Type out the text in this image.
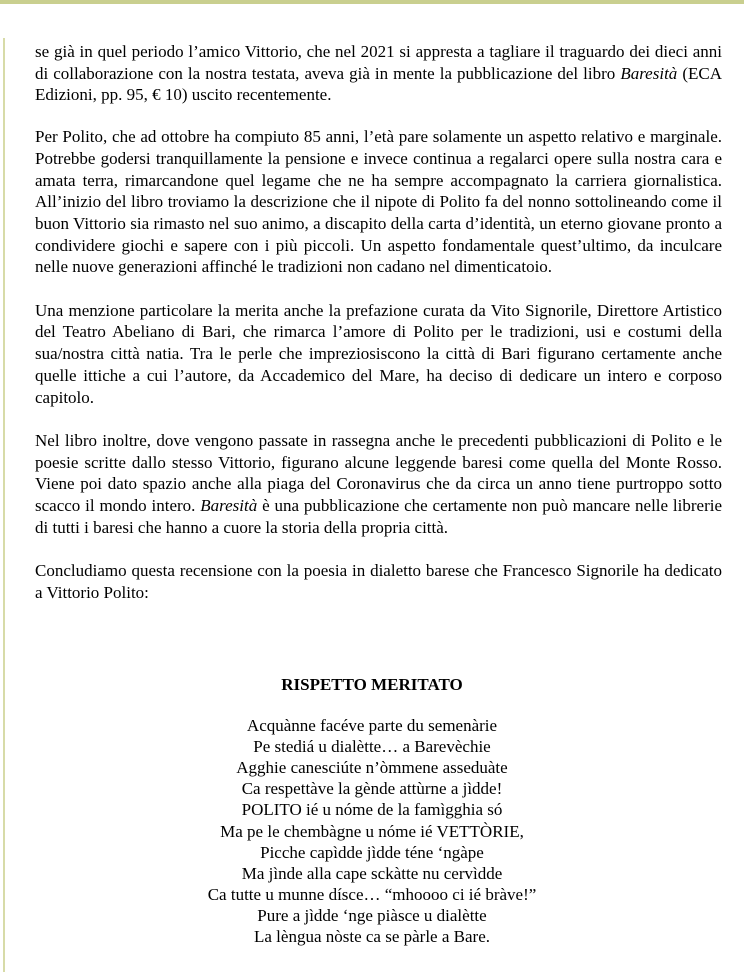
se già in quel periodo l’amico Vittorio, che nel 2021 si appresta a tagliare il traguardo dei dieci anni di collaborazione con la nostra testata, aveva già in mente la pubblicazione del libro Baresità (ECA Edizioni, pp. 95, € 10) uscito recentemente.

Per Polito, che ad ottobre ha compiuto 85 anni, l’età pare solamente un aspetto relativo e marginale. Potrebbe godersi tranquillamente la pensione e invece continua a regalarci opere sulla nostra cara e amata terra, rimarcandone quel legame che ne ha sempre accompagnato la carriera giornalistica. All’inizio del libro troviamo la descrizione che il nipote di Polito fa del nonno sottolineando come il buon Vittorio sia rimasto nel suo animo, a discapito della carta d’identità, un eterno giovane pronto a condividere giochi e sapere con i più piccoli. Un aspetto fondamentale quest’ultimo, da inculcare nelle nuove generazioni affinché le tradizioni non cadano nel dimenticatoio.

Una menzione particolare la merita anche la prefazione curata da Vito Signorile, Direttore Artistico del Teatro Abeliano di Bari, che rimarca l’amore di Polito per le tradizioni, usi e costumi della sua/nostra città natia. Tra le perle che impreziosiscono la città di Bari figurano certamente anche quelle ittiche a cui l’autore, da Accademico del Mare, ha deciso di dedicare un intero e corposo capitolo.

Nel libro inoltre, dove vengono passate in rassegna anche le precedenti pubblicazioni di Polito e le poesie scritte dallo stesso Vittorio, figurano alcune leggende baresi come quella del Monte Rosso. Viene poi dato spazio anche alla piaga del Coronavirus che da circa un anno tiene purtroppo sotto scacco il mondo intero. Baresità è una pubblicazione che certamente non può mancare nelle librerie di tutti i baresi che hanno a cuore la storia della propria città.

Concludiamo questa recensione con la poesia in dialetto barese che Francesco Signorile ha dedicato a Vittorio Polito:

RISPETTO MERITATO
Acquànne facéve parte du semenàrie
Pe stediá u dialètte… a Barevèchie
Agghie canesciúte n’òmmene asseduàte
Ca respettàve la gènde attùrne a jìdde!
POLITO ié u nóme de la famìgghia só
Ma pe le chembàgne u nóme ié VETTÒRIE,
Picche capìdde jìdde téne ‘ngàpe
Ma jìnde alla cape sckàtte nu cervìdde
Ca tutte u munne dísce… “mhoooo ci ié bràve!”
Pure a jìdde ‘nge piàsce u dialètte
La lèngua nòste ca se pàrle a Bare.
